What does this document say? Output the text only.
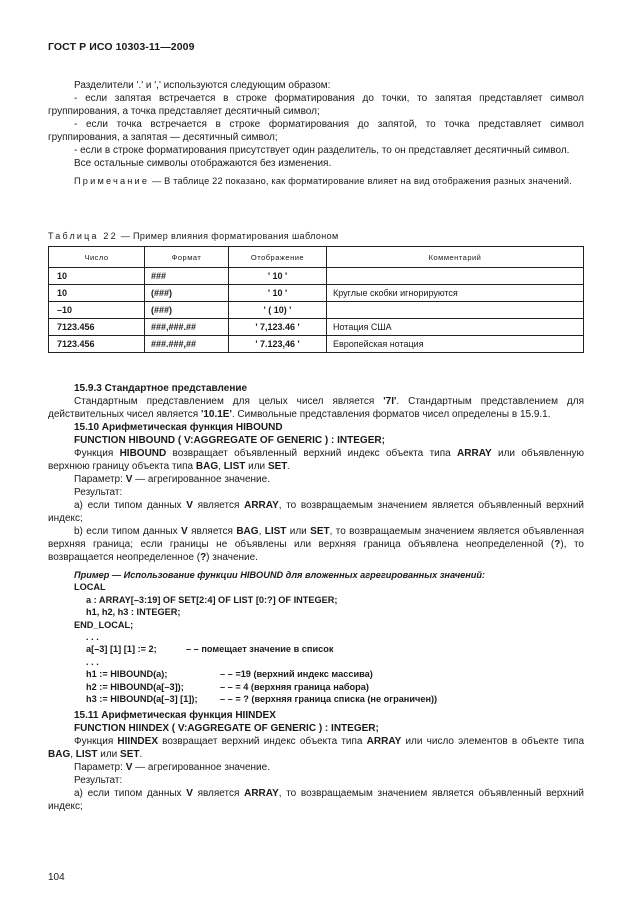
ГОСТ Р ИСО 10303-11—2009

Разделители '.' и ',' используются следующим образом:

- если запятая встречается в строке форматирования до точки, то запятая представляет символ группирования, а точка представляет десятичный символ;

- если точка встречается в строке форматирования до запятой, то точка представляет символ группирования, а запятая — десятичный символ;

- если в строке форматирования присутствует один разделитель, то он представляет десятичный символ.

Все остальные символы отображаются без изменения.

Примечание — В таблице 22 показано, как форматирование влияет на вид отображения разных значений.

Таблица 22 — Пример влияния форматирования шаблоном
Число	Формат	Отображение	Комментарий
10	###	' 10 '	
10	(###)	' 10 '	Круглые скобки игнорируются
–10	(###)	' ( 10) '	
7123.456	###,###.##	' 7,123.46 '	Нотация США
7123.456	###.###,##	' 7.123,46 '	Европейская нотация

15.9.3 Стандартное представление

Стандартным представлением для целых чисел является '7I'. Стандартным представлением для действительных чисел является '10.1E'. Символьные представления форматов чисел определены в 15.9.1.

15.10 Арифметическая функция HIBOUND

FUNCTION HIBOUND ( V:AGGREGATE OF GENERIC ) : INTEGER;

Функция HIBOUND возвращает объявленный верхний индекс объекта типа ARRAY или объявленную верхнюю границу объекта типа BAG, LIST или SET.

Параметр: V — агрегированное значение.

Результат:

а) если типом данных V является ARRAY, то возвращаемым значением является объявленный верхний индекс;

b) если типом данных V является BAG, LIST или SET, то возвращаемым значением является объявленная верхняя граница; если границы не объявлены или верхняя граница объявлена неопределенной (?), то возвращается неопределенное (?) значение.

Пример — Использование функции HIBOUND для вложенных агрегированных значений:

LOCAL
a : ARRAY[–3:19] OF SET[2:4] OF LIST [0:?] OF INTEGER;
h1, h2, h3 : INTEGER;
END_LOCAL;
. . .
a[–3] [1] [1] := 2;	– – помещает значение в список
. . .
h1 := HIBOUND(a);	– – =19 (верхний индекс массива)
h2 := HIBOUND(a[–3]);	– – = 4 (верхняя граница набора)
h3 := HIBOUND(a[–3] [1]);	– – = ? (верхняя граница списка (не ограничен))

15.11 Арифметическая функция HIINDEX

FUNCTION HIINDEX ( V:AGGREGATE OF GENERIC ) : INTEGER;

Функция HIINDEX возвращает верхний индекс объекта типа ARRAY или число элементов в объекте типа BAG, LIST или SET.

Параметр: V — агрегированное значение.

Результат:

а) если типом данных V является ARRAY, то возвращаемым значением является объявленный верхний индекс;

104
